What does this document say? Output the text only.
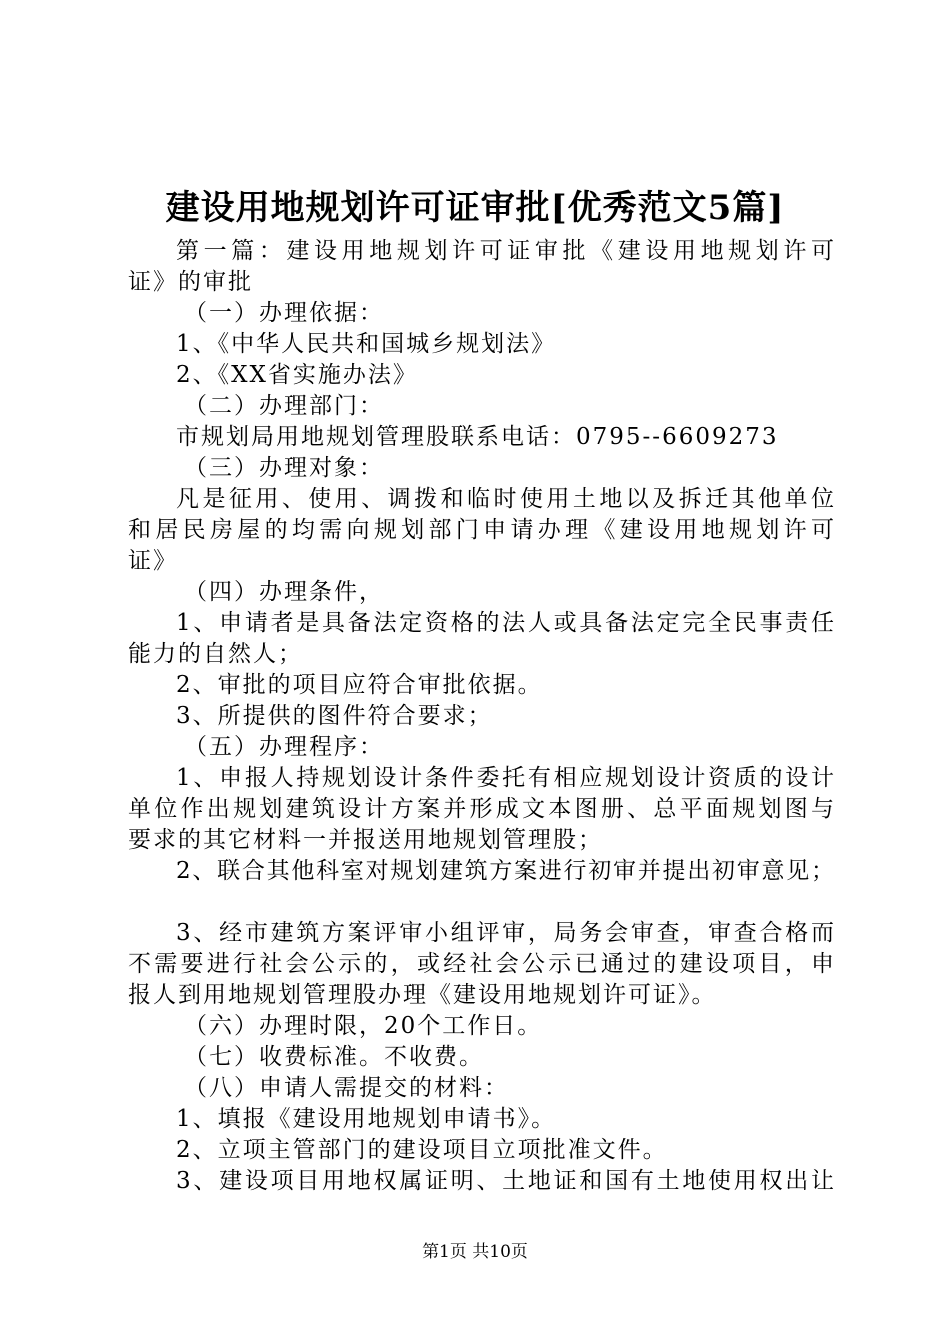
建设用地规划许可证审批[优秀范文5篇]
第一篇：建设用地规划许可证审批《建设用地规划许可
证》的审批
（一）办理依据：
1、《中华人民共和国城乡规划法》
2、《XX省实施办法》
（二）办理部门：
市规划局用地规划管理股联系电话：0795--6609273
（三）办理对象：
凡是征用、使用、调拨和临时使用土地以及拆迁其他单位
和居民房屋的均需向规划部门申请办理《建设用地规划许可
证》
（四）办理条件，
1、申请者是具备法定资格的法人或具备法定完全民事责任
能力的自然人；
2、审批的项目应符合审批依据。
3、所提供的图件符合要求；
（五）办理程序：
1、申报人持规划设计条件委托有相应规划设计资质的设计
单位作出规划建筑设计方案并形成文本图册、总平面规划图与
要求的其它材料一并报送用地规划管理股；
2、联合其他科室对规划建筑方案进行初审并提出初审意见；
3、经市建筑方案评审小组评审，局务会审查，审查合格而
不需要进行社会公示的，或经社会公示已通过的建设项目，申
报人到用地规划管理股办理《建设用地规划许可证》。
（六）办理时限，20个工作日。
（七）收费标准。不收费。
（八）申请人需提交的材料：
1、填报《建设用地规划申请书》。
2、立项主管部门的建设项目立项批准文件。
3、建设项目用地权属证明、土地证和国有土地使用权出让
第1页 共10页
